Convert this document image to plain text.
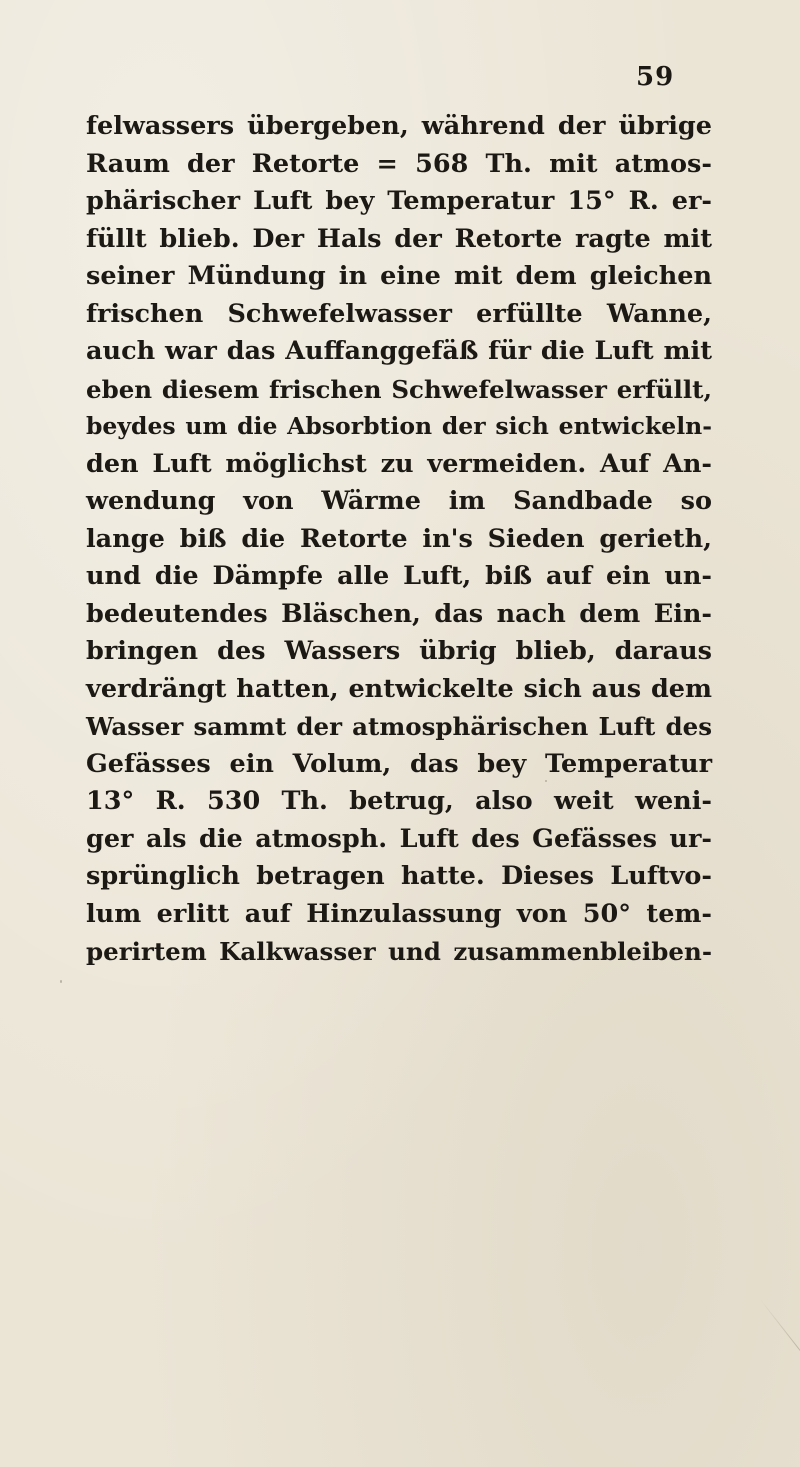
59
felwassers übergeben, während der übrige
Raum der Retorte = 568 Th. mit atmos-
phärischer Luft bey Temperatur 15° R. er-
füllt blieb. Der Hals der Retorte ragte mit
seiner Mündung in eine mit dem gleichen
frischen Schwefelwasser erfüllte Wanne,
auch war das Auffanggefäß für die Luft mit
eben diesem frischen Schwefelwasser erfüllt,
beydes um die Absorbtion der sich entwickeln-
den Luft möglichst zu vermeiden. Auf An-
wendung von Wärme im Sandbade so
lange biß die Retorte in's Sieden gerieth,
und die Dämpfe alle Luft, biß auf ein un-
bedeutendes Bläschen, das nach dem Ein-
bringen des Wassers übrig blieb, daraus
verdrängt hatten, entwickelte sich aus dem
Wasser sammt der atmosphärischen Luft des
Gefässes ein Volum, das bey Temperatur
13° R. 530 Th. betrug, also weit weni-
ger als die atmosph. Luft des Gefässes ur-
sprünglich betragen hatte. Dieses Luftvo-
lum erlitt auf Hinzulassung von 50° tem-
perirtem Kalkwasser und zusammenbleiben-
